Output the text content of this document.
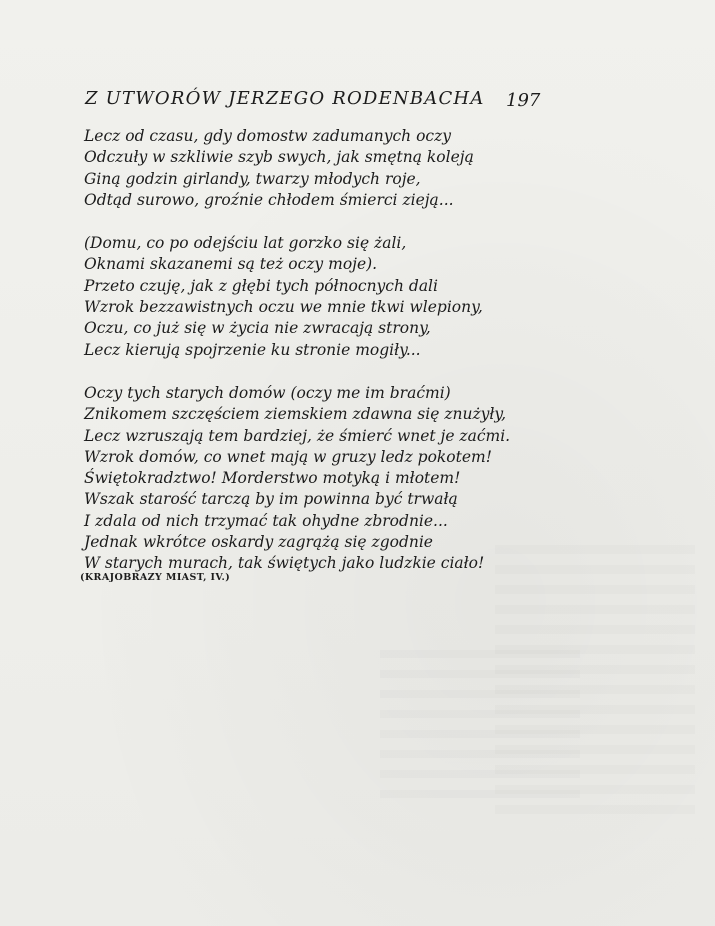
Z UTWORÓW JERZEGO RODENBACHA 197
Lecz od czasu, gdy domostw zadumanych oczy
Odczuły w szkliwie szyb swych, jak smętną koleją
Giną godzin girlandy, twarzy młodych roje,
Odtąd surowo, groźnie chłodem śmierci zieją...
(Domu, co po odejściu lat gorzko się żali,
Oknami skazanemi są też oczy moje).
Przeto czuję, jak z głębi tych północnych dali
Wzrok bezzawistnych oczu we mnie tkwi wlepiony,
Oczu, co już się w życia nie zwracają strony,
Lecz kierują spojrzenie ku stronie mogiły...
Oczy tych starych domów (oczy me im braćmi)
Znikomem szczęściem ziemskiem zdawna się znużyły,
Lecz wzruszają tem bardziej, że śmierć wnet je zaćmi.
Wzrok domów, co wnet mają w gruzy ledz pokotem!
Świętokradztwo! Morderstwo motyką i młotem!
Wszak starość tarczą by im powinna być trwałą
I zdala od nich trzymać tak ohydne zbrodnie...
Jednak wkrótce oskardy zagrążą się zgodnie
W starych murach, tak świętych jako ludzkie ciało!
(KRAJOBRAZY MIAST, IV.)
